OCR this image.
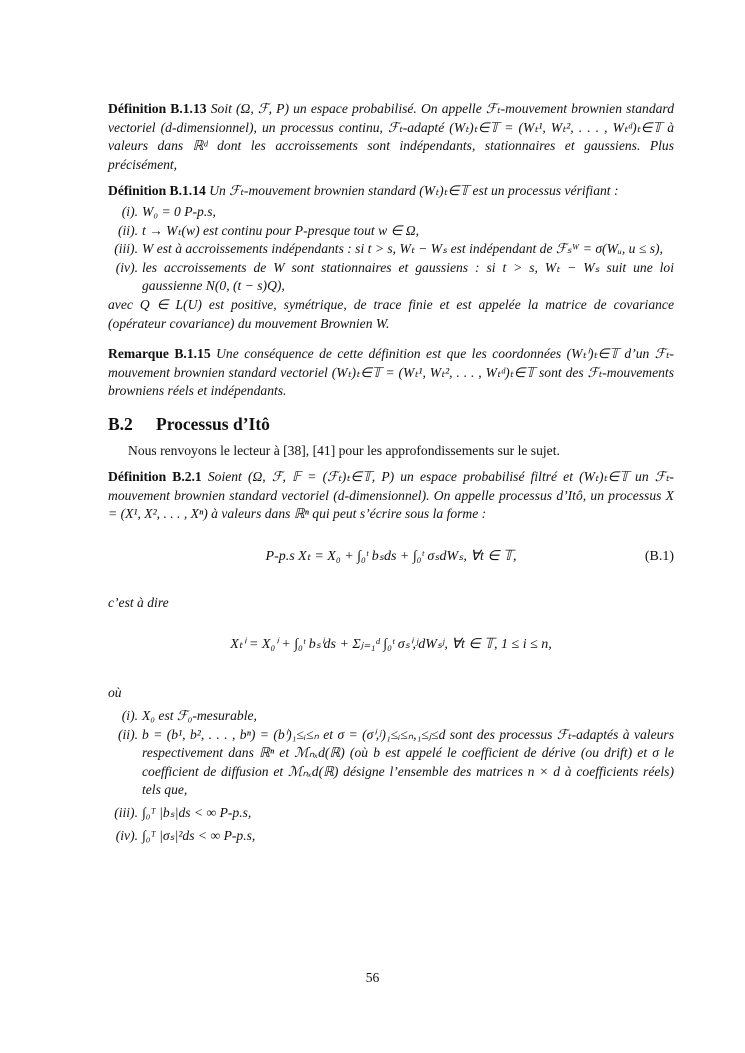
Définition B.1.13 Soit (Ω, ℱ, P) un espace probabilisé. On appelle ℱₜ-mouvement brownien standard vectoriel (d-dimensionnel), un processus continu, ℱₜ-adapté (Wₜ)ₜ∈𝕋 = (Wₜ¹, Wₜ², . . . , Wₜᵈ)ₜ∈𝕋 à valeurs dans ℝᵈ dont les accroissements sont indépendants, stationnaires et gaussiens. Plus précisément,

Définition B.1.14 Un ℱₜ-mouvement brownien standard (Wₜ)ₜ∈𝕋 est un processus vérifiant :

(i). W₀ = 0 P-p.s,
(ii). t → Wₜ(w) est continu pour P-presque tout w ∈ Ω,
(iii). W est à accroissements indépendants : si t > s, Wₜ − Wₛ est indépendant de ℱₛᵂ = σ(Wᵤ, u ≤ s),
(iv). les accroissements de W sont stationnaires et gaussiens : si t > s, Wₜ − Wₛ suit une loi gaussienne N(0, (t − s)Q),

avec Q ∈ L(U) est positive, symétrique, de trace finie et est appelée la matrice de covariance (opérateur covariance) du mouvement Brownien W.

Remarque B.1.15 Une conséquence de cette définition est que les coordonnées (Wₜⁱ)ₜ∈𝕋 d’un ℱₜ-mouvement brownien standard vectoriel (Wₜ)ₜ∈𝕋 = (Wₜ¹, Wₜ², . . . , Wₜᵈ)ₜ∈𝕋 sont des ℱₜ-mouvements browniens réels et indépendants.

B.2 Processus d’Itô

Nous renvoyons le lecteur à [38], [41] pour les approfondissements sur le sujet.

Définition B.2.1 Soient (Ω, ℱ, 𝔽 = (ℱₜ)ₜ∈𝕋, P) un espace probabilisé filtré et (Wₜ)ₜ∈𝕋 un ℱₜ-mouvement brownien standard vectoriel (d-dimensionnel). On appelle processus d’Itô, un processus X = (X¹, X², . . . , Xⁿ) à valeurs dans ℝⁿ qui peut s’écrire sous la forme :

P-p.s Xₜ = X₀ + ∫₀ᵗ bₛds + ∫₀ᵗ σₛdWₛ, ∀t ∈ 𝕋,	(B.1)

c’est à dire

Xₜⁱ = X₀ⁱ + ∫₀ᵗ bₛⁱds + Σⱼ₌₁ᵈ ∫₀ᵗ σₛⁱ,ʲdWₛʲ, ∀t ∈ 𝕋, 1 ≤ i ≤ n,

où

(i). X₀ est ℱ₀-mesurable,
(ii). b = (b¹, b², . . . , bⁿ) = (bⁱ)₁≤ᵢ≤ₙ et σ = (σⁱ,ʲ)₁≤ᵢ≤ₙ,₁≤ⱼ≤d sont des processus ℱₜ-adaptés à valeurs respectivement dans ℝⁿ et ℳₙₓd(ℝ) (où b est appelé le coefficient de dérive (ou drift) et σ le coefficient de diffusion et ℳₙₓd(ℝ) désigne l’ensemble des matrices n × d à coefficients réels) tels que,
(iii). ∫₀ᵀ |bₛ|ds < ∞ P-p.s,
(iv). ∫₀ᵀ |σₛ|²ds < ∞ P-p.s,
56
